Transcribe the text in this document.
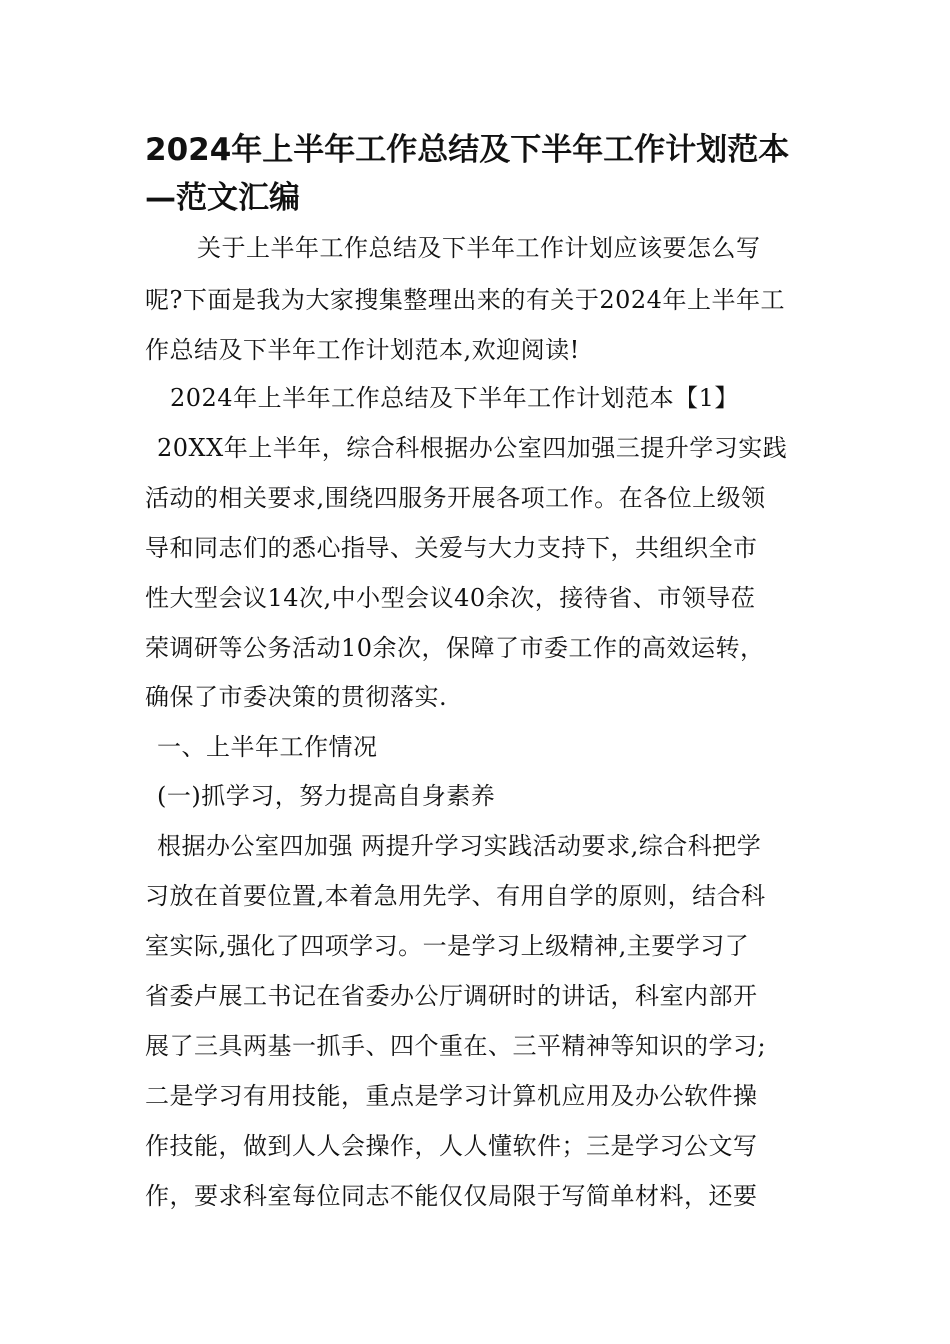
2024年上半年工作总结及下半年工作计划范本
—范文汇编

关于上半年工作总结及下半年工作计划应该要怎么写

呢?下面是我为大家搜集整理出来的有关于2024年上半年工

作总结及下半年工作计划范本,欢迎阅读!

2024年上半年工作总结及下半年工作计划范本【1】

20XX年上半年，综合科根据办公室四加强三提升学习实践

活动的相关要求,围绕四服务开展各项工作。在各位上级领

导和同志们的悉心指导、关爱与大力支持下，共组织全市

性大型会议14次,中小型会议40余次，接待省、市领导莅

荣调研等公务活动10余次，保障了市委工作的高效运转，

确保了市委决策的贯彻落实.

一、上半年工作情况

(一)抓学习，努力提高自身素养

根据办公室四加强 两提升学习实践活动要求,综合科把学

习放在首要位置,本着急用先学、有用自学的原则，结合科

室实际,强化了四项学习。一是学习上级精神,主要学习了

省委卢展工书记在省委办公厅调研时的讲话，科室内部开

展了三具两基一抓手、四个重在、三平精神等知识的学习;

二是学习有用技能，重点是学习计算机应用及办公软件操

作技能，做到人人会操作，人人懂软件；三是学习公文写

作，要求科室每位同志不能仅仅局限于写简单材料，还要
